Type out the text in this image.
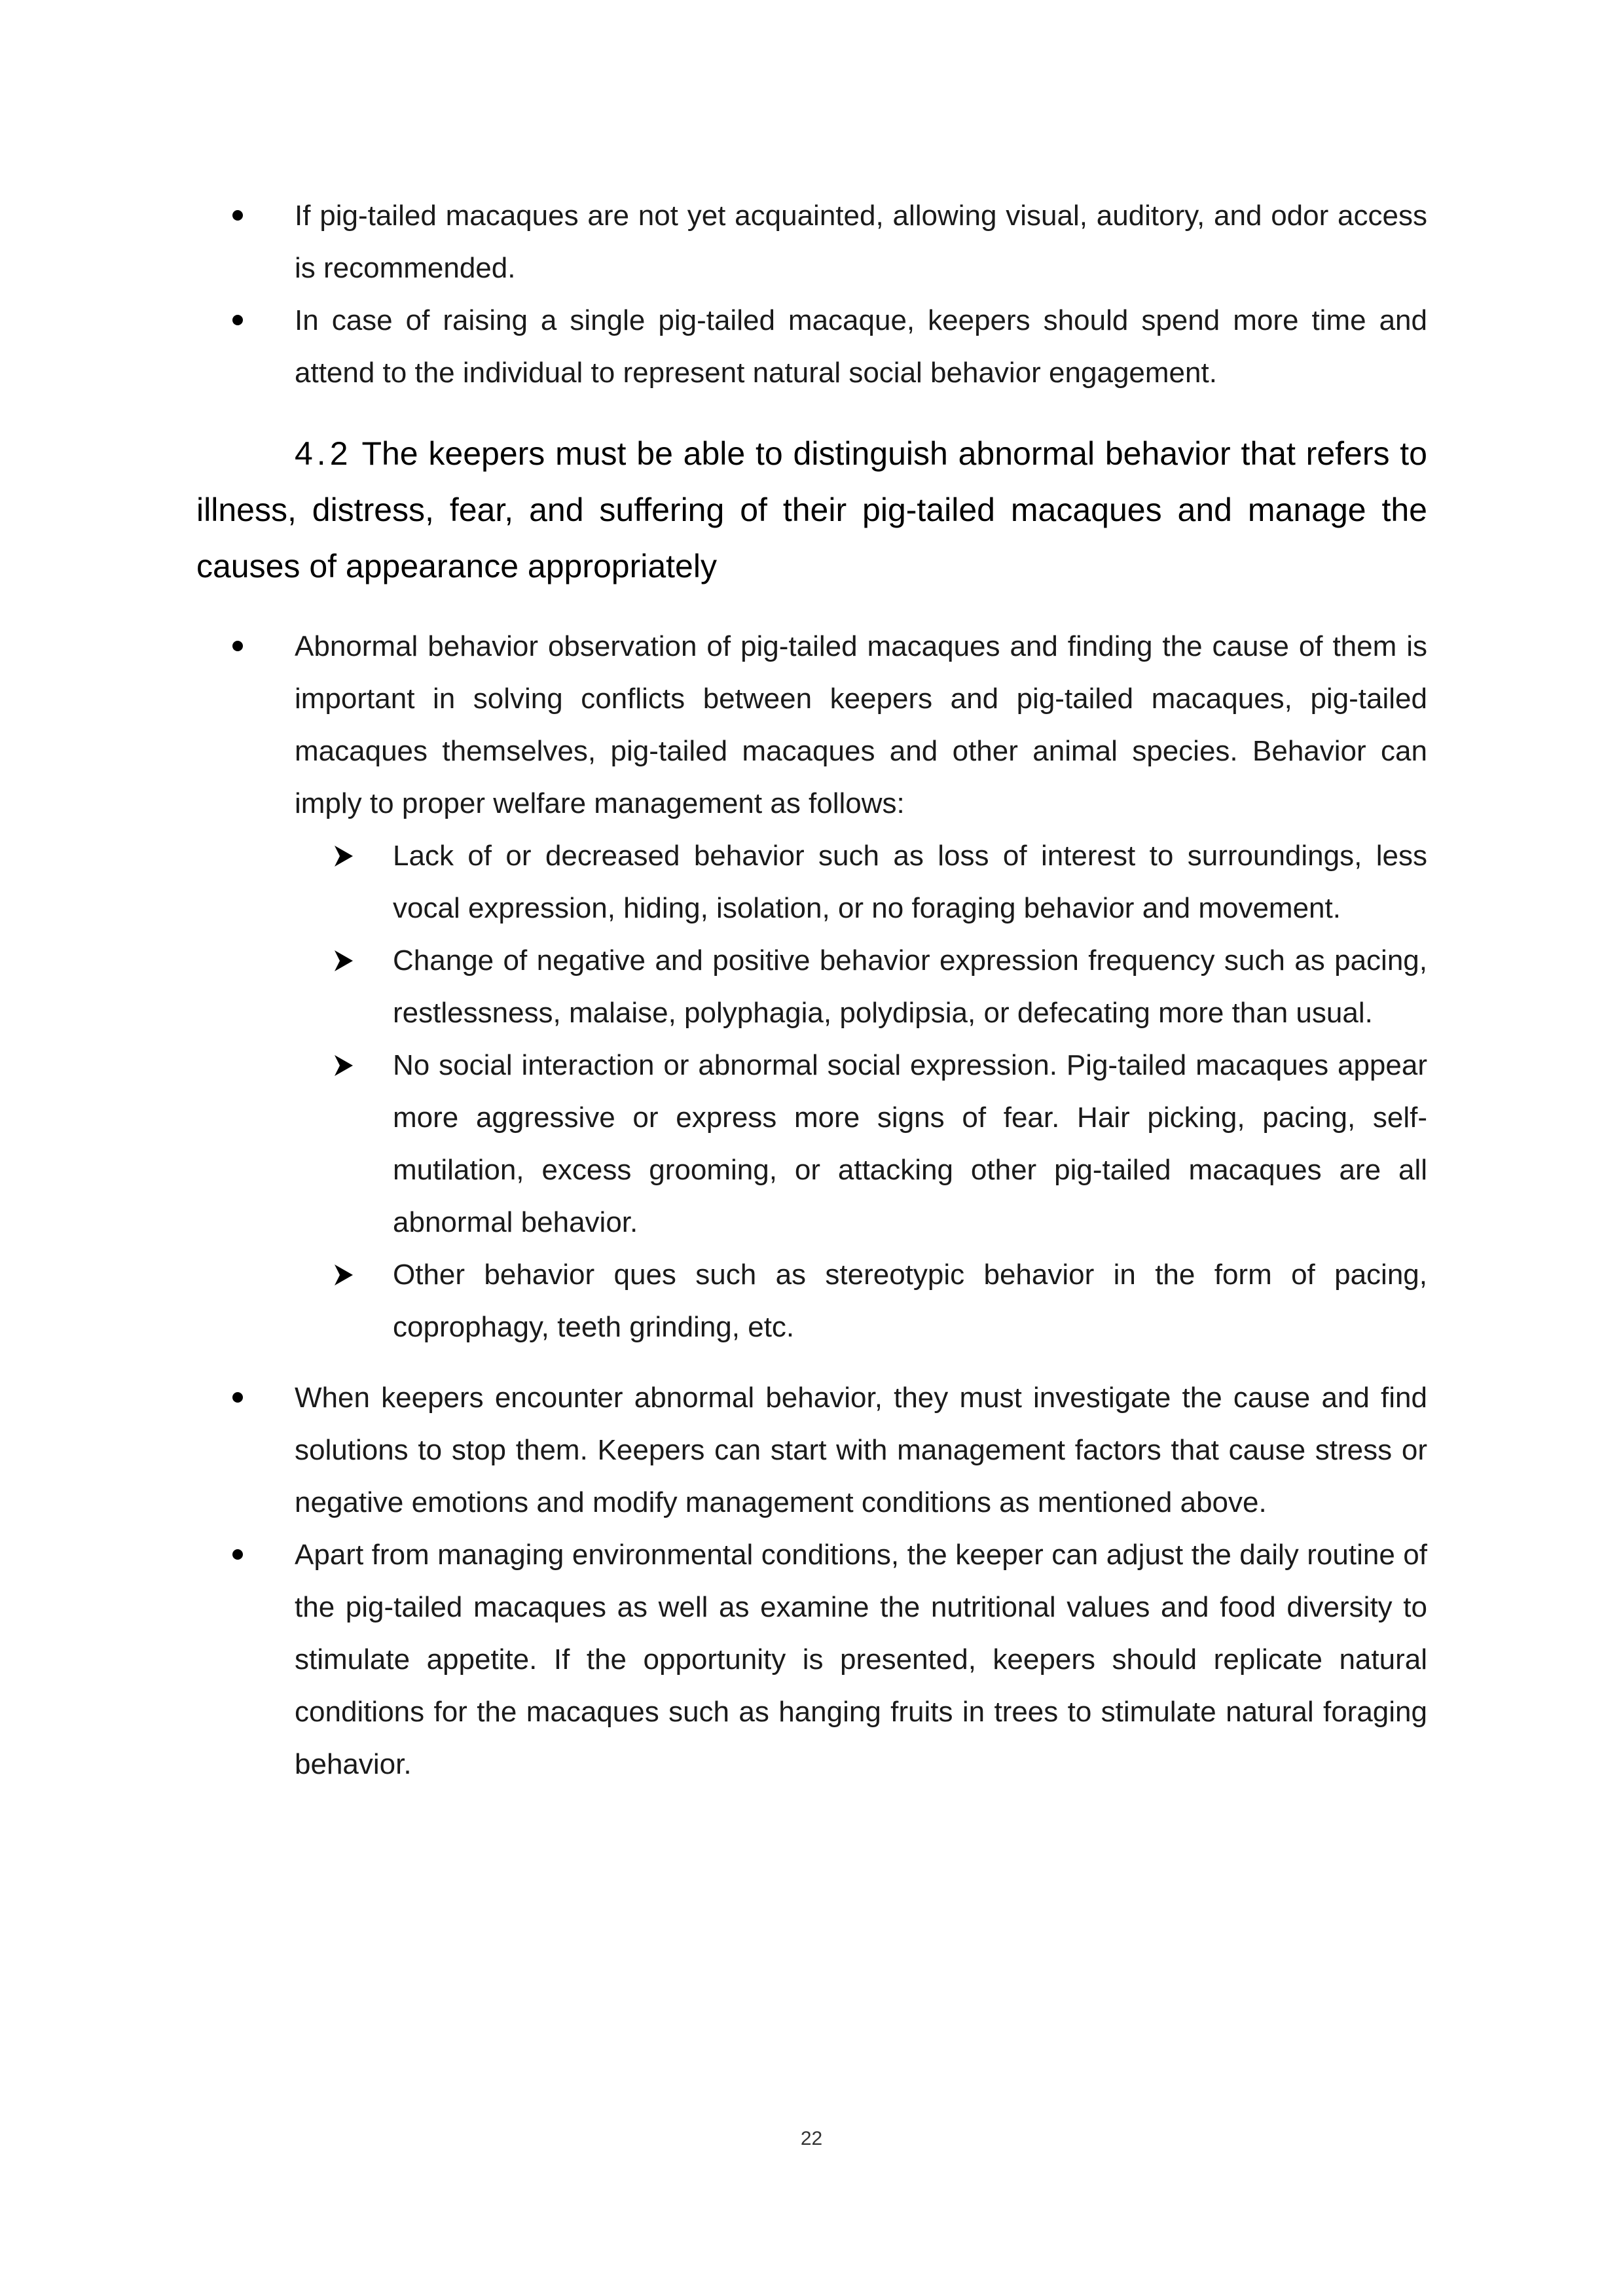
If pig-tailed macaques are not yet acquainted, allowing visual, auditory, and odor access is recommended.
In case of raising a single pig-tailed macaque, keepers should spend more time and attend to the individual to represent natural social behavior engagement.
4.2 The keepers must be able to distinguish abnormal behavior that refers to illness, distress, fear, and suffering of their pig-tailed macaques and manage the causes of appearance appropriately
Abnormal behavior observation of pig-tailed macaques and finding the cause of them is important in solving conflicts between keepers and pig-tailed macaques, pig-tailed macaques themselves, pig-tailed macaques and other animal species. Behavior can imply to proper welfare management as follows:
Lack of or decreased behavior such as loss of interest to surroundings, less vocal expression, hiding, isolation, or no foraging behavior and movement.
Change of negative and positive behavior expression frequency such as pacing, restlessness, malaise, polyphagia, polydipsia, or defecating more than usual.
No social interaction or abnormal social expression. Pig-tailed macaques appear more aggressive or express more signs of fear. Hair picking, pacing, self-mutilation, excess grooming, or attacking other pig-tailed macaques are all abnormal behavior.
Other behavior ques such as stereotypic behavior in the form of pacing, coprophagy, teeth grinding, etc.
When keepers encounter abnormal behavior, they must investigate the cause and find solutions to stop them. Keepers can start with management factors that cause stress or negative emotions and modify management conditions as mentioned above.
Apart from managing environmental conditions, the keeper can adjust the daily routine of the pig-tailed macaques as well as examine the nutritional values and food diversity to stimulate appetite. If the opportunity is presented, keepers should replicate natural conditions for the macaques such as hanging fruits in trees to stimulate natural foraging behavior.
22
